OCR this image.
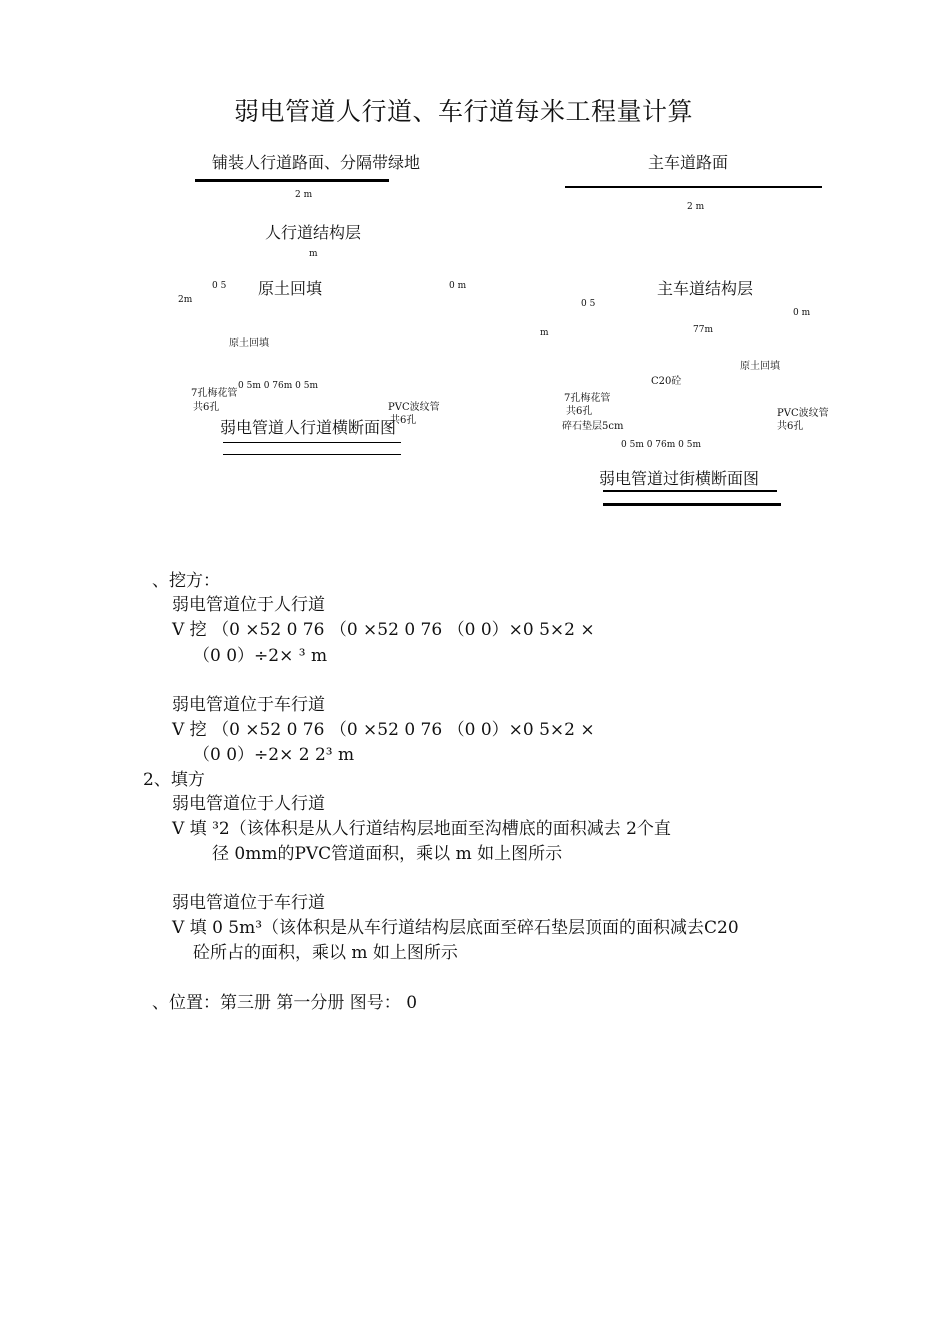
弱电管道人行道、车行道每米工程量计算
铺装人行道路面、分隔带绿地
2 m
人行道结构层
m
0 5 原土回填	0 m
2m
原土回填
7孔梅花管
共6孔
0 5m 0 76m 0 5m
PVC波纹管
共6孔
弱电管道人行道横断面图
主车道路面
2 m
主车道结构层
0 5
0 m
m	77m
原土回填
C20砼
7孔梅花管
共6孔
碎石垫层5cm
PVC波纹管
共6孔
0 5m 0 76m 0 5m
弱电管道过街横断面图
、挖方：
弱电管道位于人行道
V 挖 （0 ×52 0 76 （0 ×52 0 76 （0 0）×0 5×2 ×
（0 0）÷2× ³ m
弱电管道位于车行道
V 挖 （0 ×52 0 76 （0 ×52 0 76 （0 0）×0 5×2 ×
（0 0）÷2× 2 2³ m
2、填方
弱电管道位于人行道
V 填 ³2（该体积是从人行道结构层地面至沟槽底的面积减去 2个直
径 0mm的PVC管道面积，乘以 m 如上图所示
弱电管道位于车行道
V 填 0 5m³（该体积是从车行道结构层底面至碎石垫层顶面的面积减去C20
砼所占的面积，乘以 m 如上图所示
、位置：第三册 第一分册 图号： 0
